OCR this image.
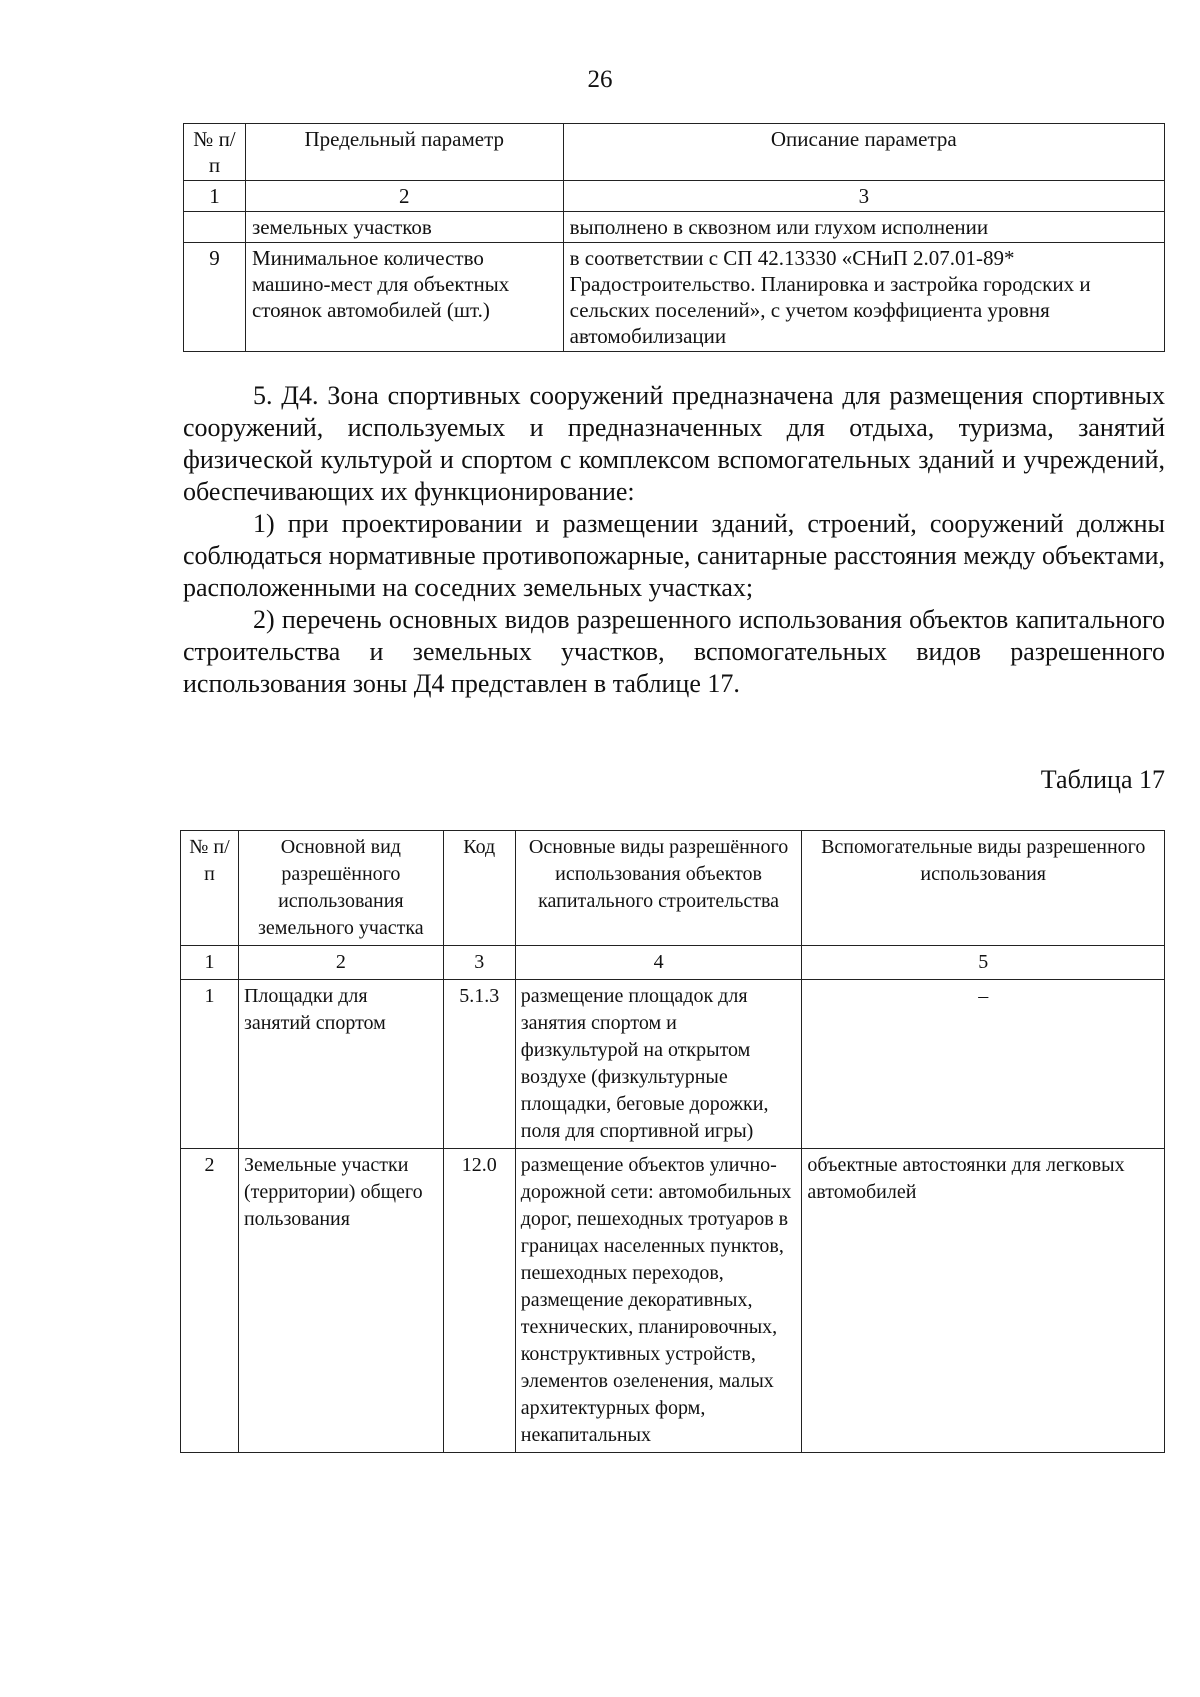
26
№ п/п	Предельный параметр	Описание параметра
1	2	3
	земельных участков	выполнено в сквозном или глухом исполнении
9	Минимальное количество машино-мест для объектных стоянок автомобилей (шт.)	в соответствии с СП 42.13330 «СНиП 2.07.01-89* Градостроительство. Планировка и застройка городских и сельских поселений», с учетом коэффициента уровня автомобилизации

5. Д4. Зона спортивных сооружений предназначена для размещения спортивных сооружений, используемых и предназначенных для отдыха, туризма, занятий физической культурой и спортом с комплексом вспомогательных зданий и учреждений, обеспечивающих их функционирование:

1) при проектировании и размещении зданий, строений, сооружений должны соблюдаться нормативные противопожарные, санитарные расстояния между объектами, расположенными на соседних земельных участках;

2) перечень основных видов разрешенного использования объектов капитального строительства и земельных участков, вспомогательных видов разрешенного использования зоны Д4 представлен в таблице 17.

Таблица 17
№ п/п	Основной вид разрешённого использования земельного участка	Код	Основные виды разрешённого использования объектов капитального строительства	Вспомогательные виды разрешенного использования
1	2	3	4	5
1	Площадки для занятий спортом	5.1.3	размещение площадок для занятия спортом и физкультурой на открытом воздухе (физкультурные площадки, беговые дорожки, поля для спортивной игры)	–
2	Земельные участки (территории) общего пользования	12.0	размещение объектов улично-дорожной сети: автомобильных дорог, пешеходных тротуаров в границах населенных пунктов, пешеходных переходов, размещение декоративных, технических, планировочных, конструктивных устройств, элементов озеленения, малых архитектурных форм, некапитальных	объектные автостоянки для легковых автомобилей
